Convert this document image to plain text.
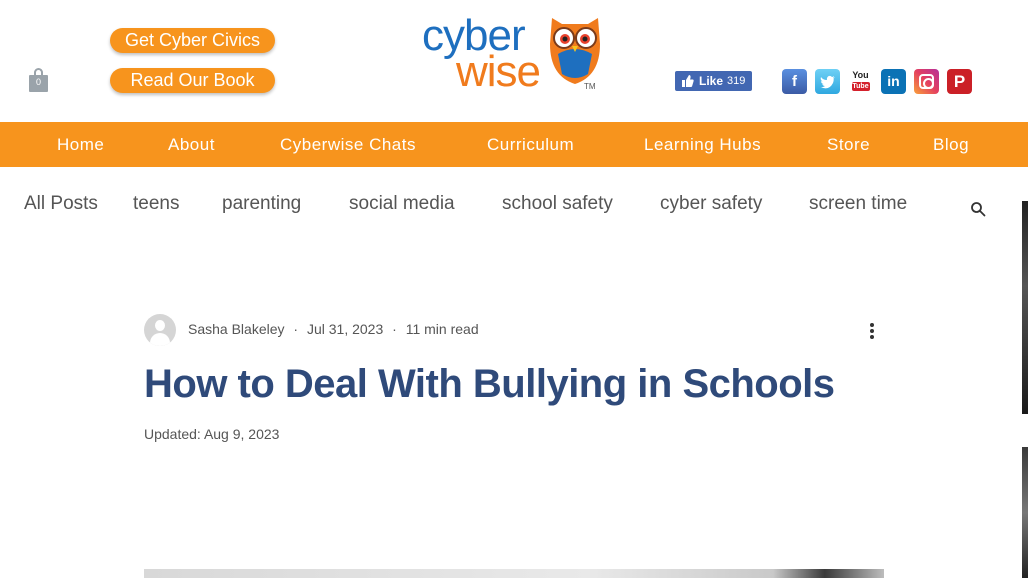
0
Get Cyber Civics
Read Our Book
cyber
wise	TM	Like 319	f	You
Tube	in	P
Home	About	Cyberwise Chats	Curriculum	Learning Hubs	Store	Blog
All Posts teens parenting	social media school safety cyber safety screen time
Sasha Blakeley · Jul 31, 2023 · 11 min read
How to Deal With Bullying in Schools
Updated: Aug 9, 2023
